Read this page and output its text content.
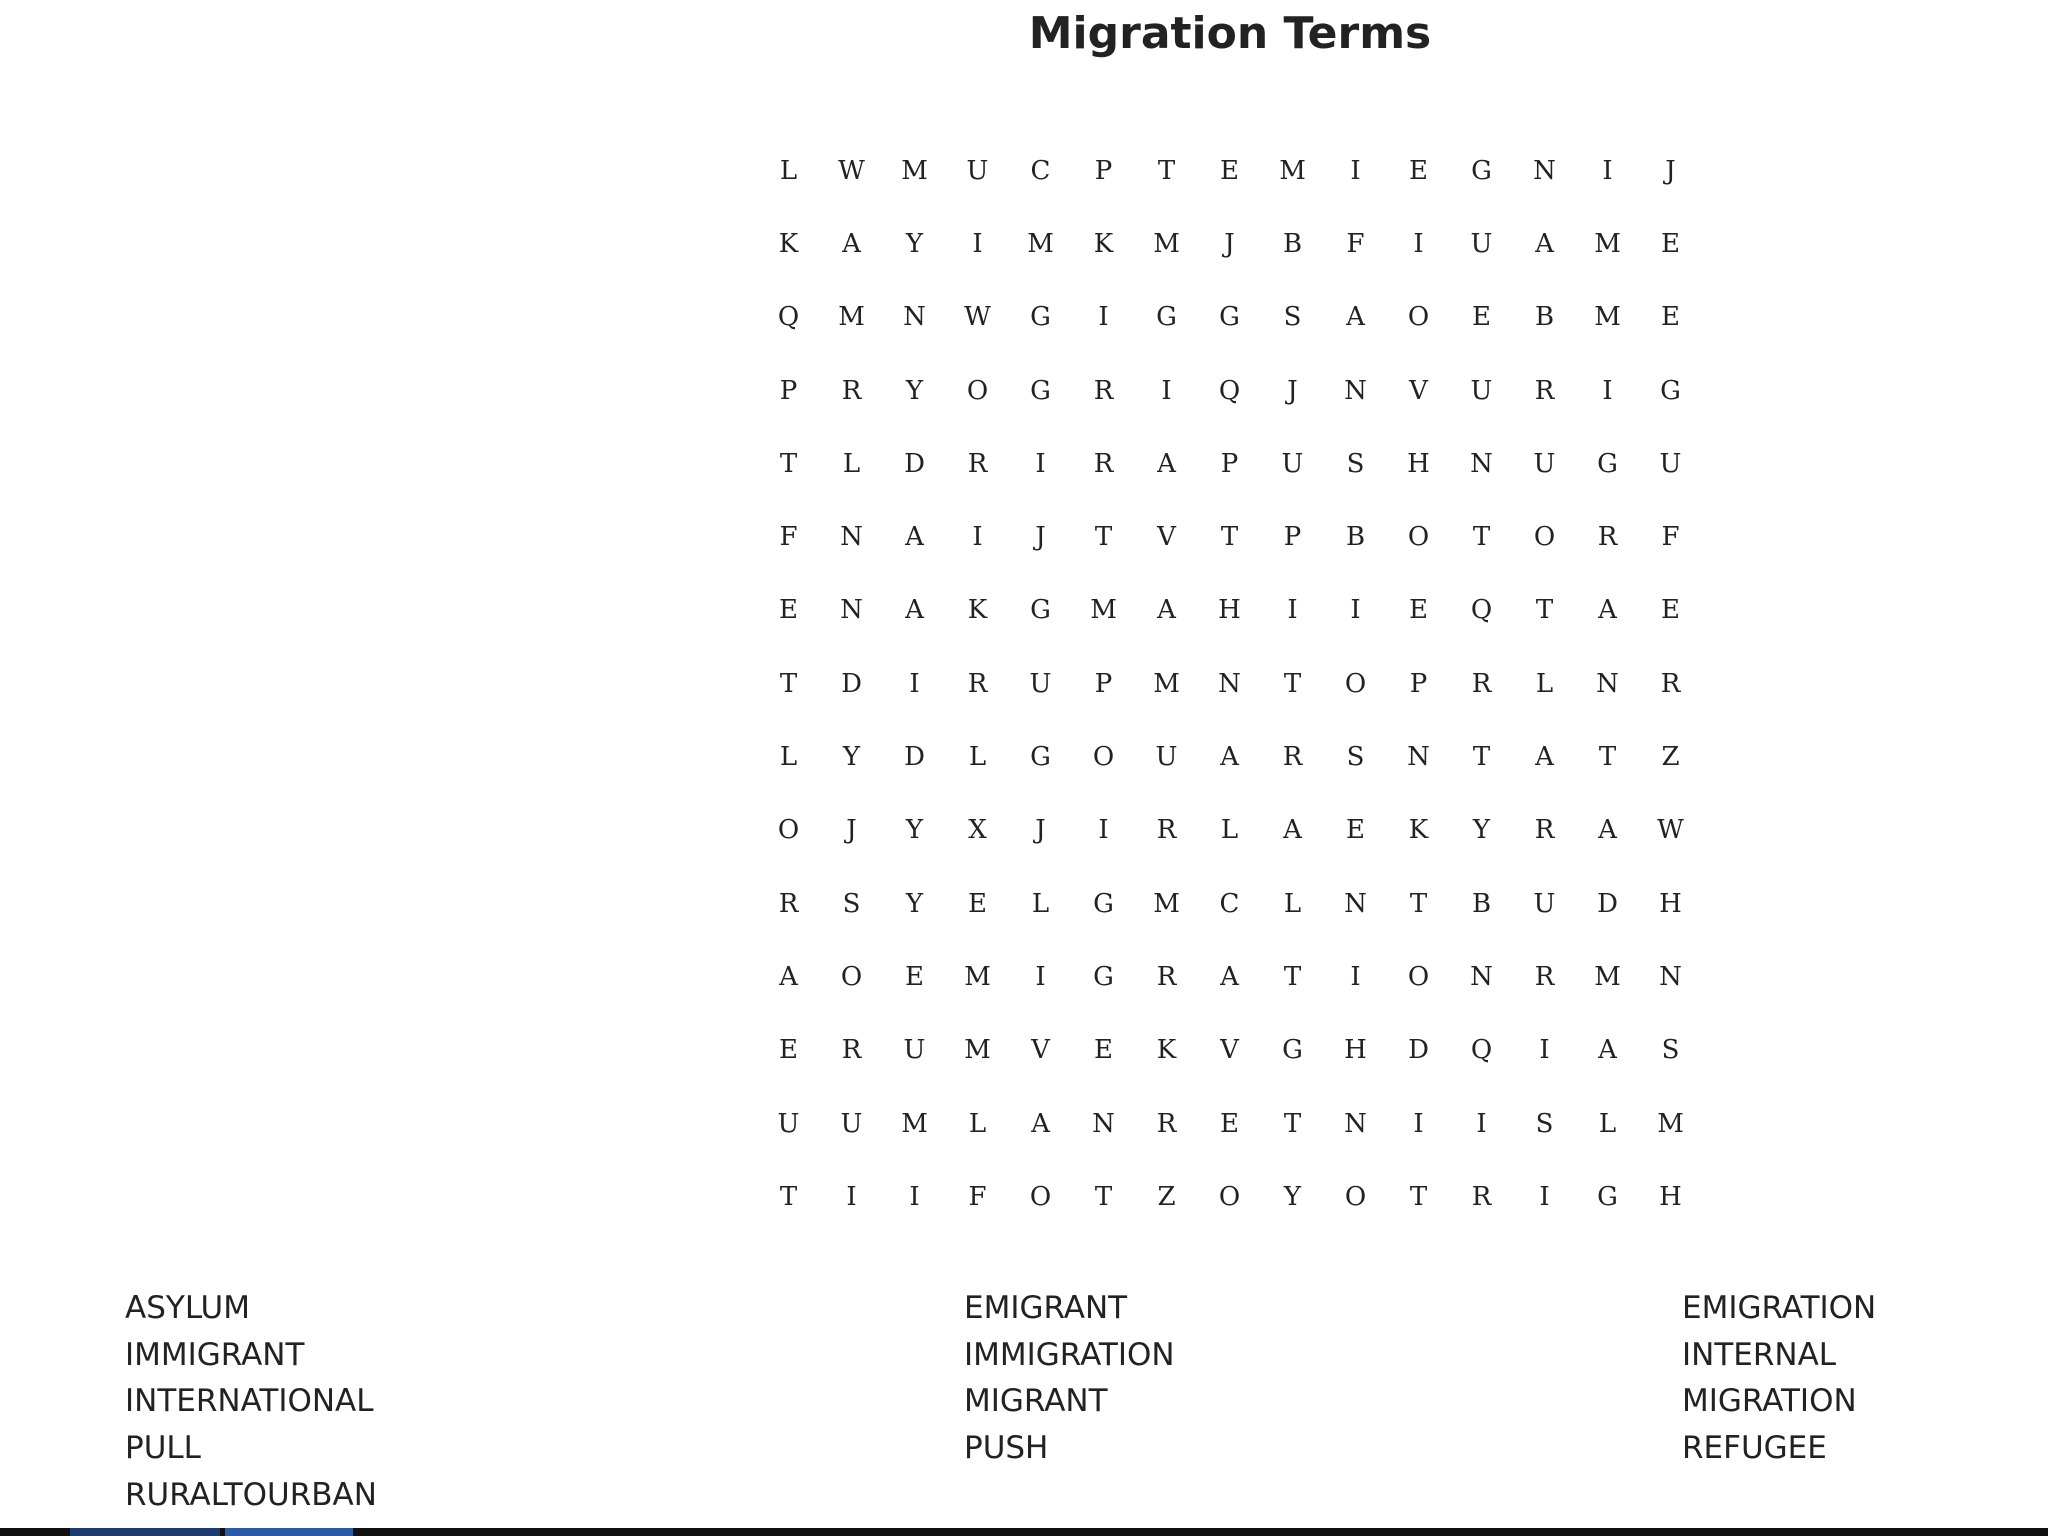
Migration Terms
L	W	M	U	C	P	T	E	M	I	E	G	N	I	J
K	A	Y	I	M	K	M	J	B	F	I	U	A	M	E
Q	M	N	W	G	I	G	G	S	A	O	E	B	M	E
P	R	Y	O	G	R	I	Q	J	N	V	U	R	I	G
T	L	D	R	I	R	A	P	U	S	H	N	U	G	U
F	N	A	I	J	T	V	T	P	B	O	T	O	R	F
E	N	A	K	G	M	A	H	I	I	E	Q	T	A	E
T	D	I	R	U	P	M	N	T	O	P	R	L	N	R
L	Y	D	L	G	O	U	A	R	S	N	T	A	T	Z
O	J	Y	X	J	I	R	L	A	E	K	Y	R	A	W
R	S	Y	E	L	G	M	C	L	N	T	B	U	D	H
A	O	E	M	I	G	R	A	T	I	O	N	R	M	N
E	R	U	M	V	E	K	V	G	H	D	Q	I	A	S
U	U	M	L	A	N	R	E	T	N	I	I	S	L	M
T	I	I	F	O	T	Z	O	Y	O	T	R	I	G	H
ASYLUM
IMMIGRANT
INTERNATIONAL
PULL
RURALTOURBAN
EMIGRANT
IMMIGRATION
MIGRANT
PUSH
EMIGRATION
INTERNAL
MIGRATION
REFUGEE
